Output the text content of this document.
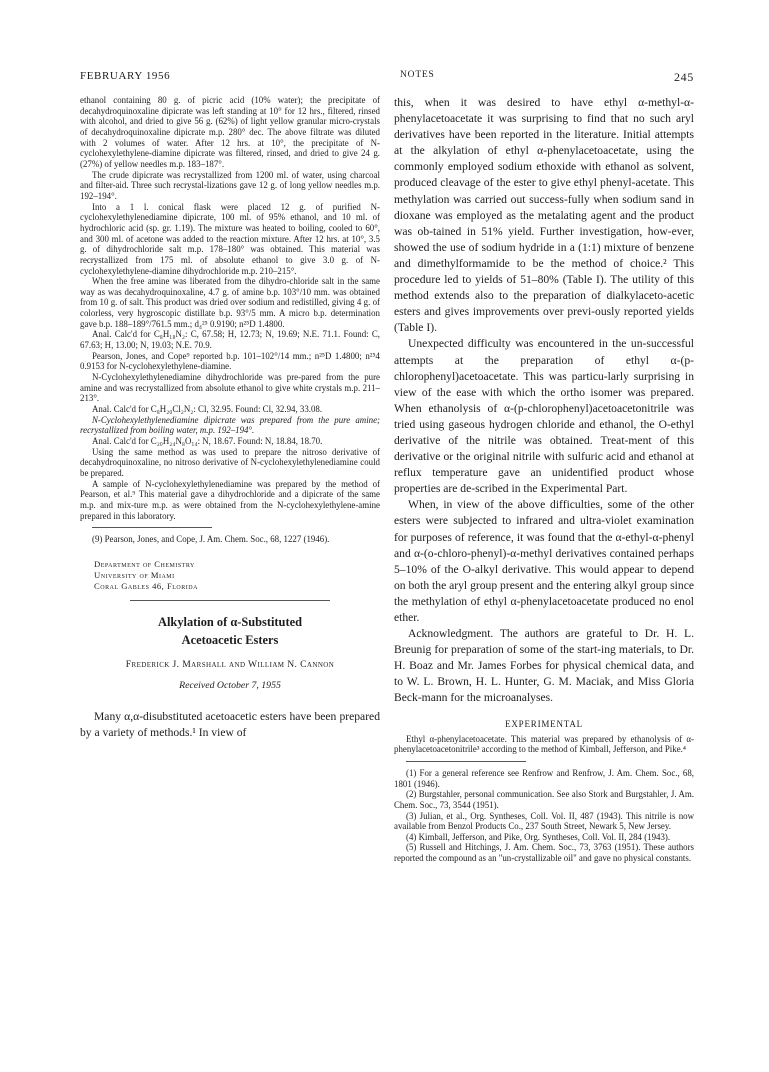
FEBRUARY 1956	NOTES	245

ethanol containing 80 g. of picric acid (10% water); the precipitate of decahydroquinoxaline dipicrate was left standing at 10° for 12 hrs., filtered, rinsed with alcohol, and dried to give 56 g. (62%) of light yellow granular micro-crystals of decahydroquinoxaline dipicrate m.p. 280° dec. The above filtrate was diluted with 2 volumes of water. After 12 hrs. at 10°, the precipitate of N-cyclohexylethylene-diamine dipicrate was filtered, rinsed, and dried to give 24 g. (27%) of yellow needles m.p. 183–187°.

The crude dipicrate was recrystallized from 1200 ml. of water, using charcoal and filter-aid. Three such recrystal-lizations gave 12 g. of long yellow needles m.p. 192–194°.

Into a 1 l. conical flask were placed 12 g. of purified N-cyclohexylethylenediamine dipicrate, 100 ml. of 95% ethanol, and 10 ml. of hydrochloric acid (sp. gr. 1.19). The mixture was heated to boiling, cooled to 60°, and 300 ml. of acetone was added to the reaction mixture. After 12 hrs. at 10°, 3.5 g. of dihydrochloride salt m.p. 178–180° was obtained. This material was recrystallized from 175 ml. of absolute ethanol to give 3.0 g. of N-cyclohexylethylene-diamine dihydrochloride m.p. 210–215°.

When the free amine was liberated from the dihydro-chloride salt in the same way as was decahydroquinoxaline, 4.7 g. of amine b.p. 103°/10 mm. was obtained from 10 g. of salt. This product was dried over sodium and redistilled, giving 4 g. of colorless, very hygroscopic distillate b.p. 93°/5 mm. A micro b.p. determination gave b.p. 188–189°/761.5 mm.; d₄²⁵ 0.9190; n²⁵D 1.4800.

Anal. Calc'd for C₈H₁₈N₂: C, 67.58; H, 12.73; N, 19.69; N.E. 71.1. Found: C, 67.63; H, 13.00; N, 19.03; N.E. 70.9.

Pearson, Jones, and Cope⁹ reported b.p. 101–102°/14 mm.; n²⁵D 1.4800; n²⁵4 0.9153 for N-cyclohexylethylene-diamine.

N-Cyclohexylethylenediamine dihydrochloride was pre-pared from the pure amine and was recrystallized from absolute ethanol to give white crystals m.p. 211–213°.

Anal. Calc'd for C₈H₂₀Cl₂N₂: Cl, 32.95. Found: Cl, 32.94, 33.08.

N-Cyclohexylethylenediamine dipicrate was prepared from the pure amine; recrystallized from boiling water, m.p. 192–194°.

Anal. Calc'd for C₂₀H₂₄N₈O₁₄: N, 18.67. Found: N, 18.84, 18.70.

Using the same method as was used to prepare the nitroso derivative of decahydroquinoxaline, no nitroso derivative of N-cyclohexylethylenediamine could be prepared.

A sample of N-cyclohexylethylenediamine was prepared by the method of Pearson, et al.⁹ This material gave a dihydrochloride and a dipicrate of the same m.p. and mix-ture m.p. as were obtained from the N-cyclohexylethylene-amine prepared in this laboratory.

(9) Pearson, Jones, and Cope, J. Am. Chem. Soc., 68, 1227 (1946).

Department of Chemistry
University of Miami
Coral Gables 46, Florida
Alkylation of α-Substituted
Acetoacetic Esters
Frederick J. Marshall and William N. Cannon
Received October 7, 1955

Many α,α-disubstituted acetoacetic esters have been prepared by a variety of methods.¹ In view of

this, when it was desired to have ethyl α-methyl-α-phenylacetoacetate it was surprising to find that no such aryl derivatives have been reported in the literature. Initial attempts at the alkylation of ethyl α-phenylacetoacetate, using the commonly employed sodium ethoxide with ethanol as solvent, produced cleavage of the ester to give ethyl phenyl-acetate. This methylation was carried out success-fully when sodium sand in dioxane was employed as the metalating agent and the product was ob-tained in 51% yield. Further investigation, how-ever, showed the use of sodium hydride in a (1:1) mixture of benzene and dimethylformamide to be the method of choice.² This procedure led to yields of 51–80% (Table I). The utility of this method extends also to the preparation of dialkylaceto-acetic esters and gives improvements over previ-ously reported yields (Table I).

Unexpected difficulty was encountered in the un-successful attempts at the preparation of ethyl α-(p-chlorophenyl)acetoacetate. This was particu-larly surprising in view of the ease with which the ortho isomer was prepared. When ethanolysis of α-(p-chlorophenyl)acetoacetonitrile was tried using gaseous hydrogen chloride and ethanol, the O-ethyl derivative of the nitrile was obtained. Treat-ment of this derivative or the original nitrile with sulfuric acid and ethanol at reflux temperature gave an unidentified product whose properties are de-scribed in the Experimental Part.

When, in view of the above difficulties, some of the other esters were subjected to infrared and ultra-violet examination for purposes of reference, it was found that the α-ethyl-α-phenyl and α-(o-chloro-phenyl)-α-methyl derivatives contained perhaps 5–10% of the O-alkyl derivative. This would appear to depend on both the aryl group present and the entering alkyl group since the methylation of ethyl α-phenylacetoacetate produced no enol ether.

Acknowledgment. The authors are grateful to Dr. H. L. Breunig for preparation of some of the start-ing materials, to Dr. H. Boaz and Mr. James Forbes for physical chemical data, and to W. L. Brown, H. L. Hunter, G. M. Maciak, and Miss Gloria Beck-mann for the microanalyses.

EXPERIMENTAL

Ethyl α-phenylacetoacetate. This material was prepared by ethanolysis of α-phenylacetoacetonitrile³ according to the method of Kimball, Jefferson, and Pike.⁴

(1) For a general reference see Renfrow and Renfrow, J. Am. Chem. Soc., 68, 1801 (1946).

(2) Burgstahler, personal communication. See also Stork and Burgstahler, J. Am. Chem. Soc., 73, 3544 (1951).

(3) Julian, et al., Org. Syntheses, Coll. Vol. II, 487 (1943). This nitrile is now available from Benzol Products Co., 237 South Street, Newark 5, New Jersey.

(4) Kimball, Jefferson, and Pike, Org. Syntheses, Coll. Vol. II, 284 (1943).

(5) Russell and Hitchings, J. Am. Chem. Soc., 73, 3763 (1951). These authors reported the compound as an "un-crystallizable oil" and gave no physical constants.
